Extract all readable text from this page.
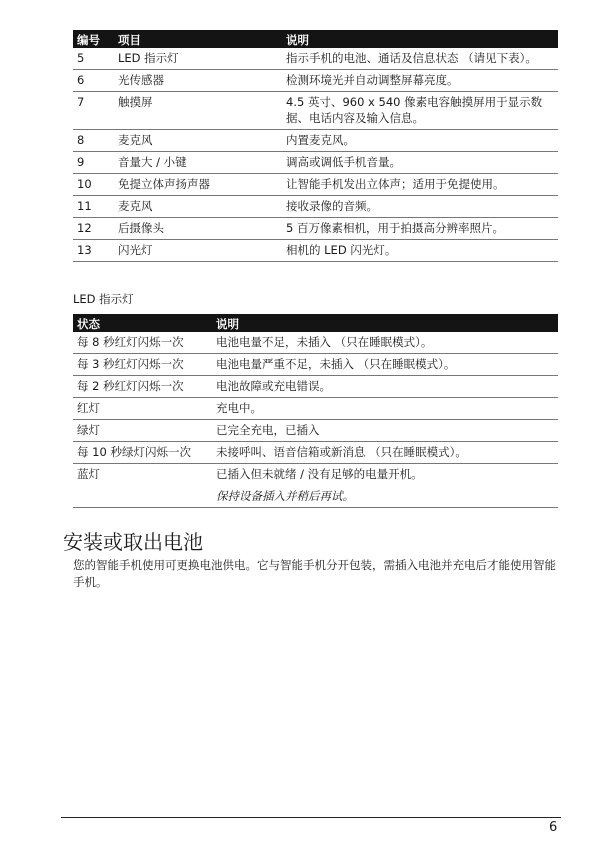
编号	项目	说明
5	LED 指示灯	指示手机的电池、通话及信息状态 （请见下表）。
6	光传感器	检测环境光并自动调整屏幕亮度。
7	触摸屏	4.5 英寸、960 x 540 像素电容触摸屏用于显示数据、电话内容及输入信息。
8	麦克风	内置麦克风。
9	音量大 / 小键	调高或调低手机音量。
10	免提立体声扬声器	让智能手机发出立体声；适用于免提使用。
11	麦克风	接收录像的音频。
12	后摄像头	5 百万像素相机，用于拍摄高分辨率照片。
13	闪光灯	相机的 LED 闪光灯。
LED 指示灯
状态	说明
每 8 秒红灯闪烁一次	电池电量不足，未插入 （只在睡眠模式）。
每 3 秒红灯闪烁一次	电池电量严重不足，未插入 （只在睡眠模式）。
每 2 秒红灯闪烁一次	电池故障或充电错误。
红灯	充电中。
绿灯	已完全充电，已插入
每 10 秒绿灯闪烁一次	未接呼叫、语音信箱或新消息 （只在睡眠模式）。
蓝灯	已插入但未就绪 / 没有足够的电量开机。
保持设备插入并稍后再试。
安装或取出电池
您的智能手机使用可更换电池供电。它与智能手机分开包装，需插入电池并充电后才能使用智能手机。
6
